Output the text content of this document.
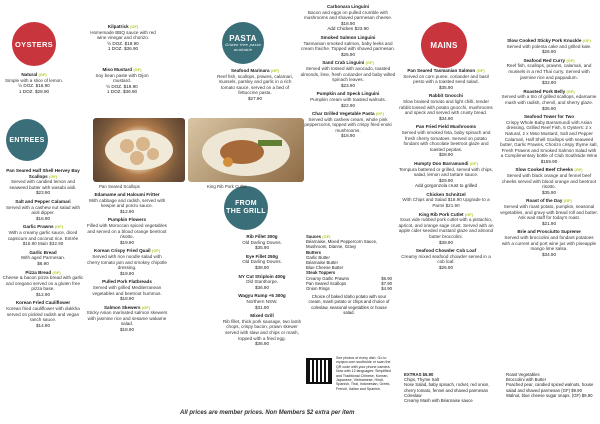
OYSTERS
ENTREES
PASTA
Gluten free pasta available
FROM
THE GRILL
MAINS
Natural (GF)
Simple with a slice of lemon.
½ DOZ. $16.90
1 DOZ. $28.90
Kilpatrick (GF)
Homemade BBQ sauce with red wine vinegar and chorizo.
½ DOZ. $19.90
1 DOZ. $36.90
Miso Mustard (GF)
Soy bean paste with Dijon mustard.
½ DOZ. $19.90
1 DOZ. $36.90
Pan Seared Scallops	King Rib Pork Cutlet
Pan Seared Half Shell Hervey Bay Scallops (GF)
Served with candied lemon and seaweed butter with wasabi aioli.
$23.90
Salt and Pepper Calamari
Served with a cashew nut salad with aioli dipper.
$16.90
Garlic Prawns (GF)
With a creamy garlic sauce, diced capsicum and coconut rice. Entrée $16.90 Main $32.90
Garlic Bread
With aged Parmesan.
$6.90
Pizza Bread (GF)
Cheese & bacon pizza bread with garlic and oregano served on a gluten free pizza base.
$12.90
Korean Fried Cauliflower
Korean fried cauliflower with dukkha served on pickled radish and vegan ranch sauce.
$14.90
Edamame and Haloumi Fritter
With cabbage and radish, served with kewpie and ponzu sauce.
$12.90
Pumpkin Flowers
Filled with Moroccan spiced vegetables and served on a blood orange beetroot risotto.
$19.90
Korean Crispy Fried Quail (GF)
Served with rice noodle salad with cherry tomato jam and smokey chipotle dressing.
$19.90
Pulled Pork Flatbreads
Served with grilled Mediterranean vegetables and beetroot hummus.
$18.90
Salmon Skewers (GF)
Sticky Asian marinated salmon skewers with jasmine rice and sesame wakame salad.
$18.90
Seafood Marinara (GF)
Reef fish, scallops, prawns, calamari, mussels, parsley and garlic in a rich tomato sauce, served on a bed of fettuccine pasta.
$27.90
Carbonara Linguini
Bacon and eggs on pulled crumble with mushrooms and shaved parmesan cheese.
$18.90
Add Chicken $23.90
Smoked Salmon Linguini
Tasmanian smoked salmon, baby leeks and cream fraiche. Topped with shaved parmesan.
$25.90
Sand Crab Linguini (GF)
Served with tossed with avocado, toasted almonds, lime, fresh coriander and baby wilted spinach leaves.
$23.90
Pumpkin and Speck Linguini
Pumpkin cream with toasted walnuts.
$22.90
Char Grilled Vegetable Pasta (GF)
Served with cashew cream, whole pink peppercorns, topped with crispy fried enoki mushrooms.
$18.90
Rib Fillet 300g
Old Darling Downs.
$35.90
Eye Fillet 250g
Old Darling Downs.
$38.90
NY Cut Striploin 400g
Old Stanthorpe.
$36.90
Wagyu Rump +5 300g
Northern NSW.
$31.90
Mixed Grill
Rib fillet, thick pork sausage, two lamb chops, crispy bacon, prawn skewer served with slaw and chips or mash, topped with a fried egg.
$36.90
Sauces (GF)
Béarnaise, Mixed Peppercorn Sauce, Mushroom, Dianne, Gravy
Butters
Garlic Butter
Béarnaise Butter
Blue Cheese Butter
Steak Toppers

Creamy Garlic Prawns	$6.90
Pan Seared Scallops	$7.90
Onion Rings	$4.90
Choice of baked Idaho potato with sour cream, mash potato or chips and choice of coleslaw, seasonal vegetables or house salad.
See photos of every dish. Go to myqsm.com southside or scan the QR code with your phone camera. Now with 12 languages: Simplified and Traditional Chinese, Korean, Japanese, Vietnamese, Hindi, Spanish, Thai, Indonesian, Greek, French, Italian and Spanish.
Pan Seared Tasmanian Salmon (GF)
Served on corn puree, coriander and basil pesto with a toasted seed salad.
$35.90
Rabbit Gnocchi
Slow braised tomato and light chilli, tender rabbit tossed with potato gnocchi, mushrooms and speck and served with crusty bread.
$34.90
Pan Fried Field Mushrooms
Served with smoked feta, baby spinach and fresh cherry tomatoes. Served on potato fondant with chocolate beetroot glaze and toasted pepitas.
$28.90
Humpty Doo Barramundi (GF)
Tempura battered or grilled, served with chips, salad, lemon and tartare sauce.
$29.90
Add gorgonzola crust to grilled
Chicken Schnitzel
With Chips and Salad $18.90 Upgrade to a Parmi $21.90
King Rib Pork Cutlet (GF)
Sous vide rubbed pork cutlet with a pistachio, apricot, and orange sage crust. Served with an apple cider seeded mustard glaze and almond butter broccolini.
$39.90
Seafood Chowder Cob Loaf
Creamy mixed seafood chowder served in a cob loaf.
$26.90
EXTRAS $5.90
Chips, Thyme Salt
Nose Salad, baby spinach, rocket, red onion, cherry tomato, fennel and shaved parmesan
Coleslaw
Creamy Mash with Béarnaise sauce
Slow Cooked Sticky Pork Knuckle (GF)
Served with polenta cake and grilled kale.
$26.90
Seafood Red Curry (GF)
Reef fish, scallops, prawns, calamari, and mussels in a red Thai curry. Served with jasmine rice and pappadum.
$32.90
Roasted Pork Belly (GF)
Served with a trio of grilled scallops, edamame mash with radish, chervil, and sherry glaze.
$36.90
Seafood Tower for Two
Crispy Whole Baby Barramundi with Asian dressing, Grilled Reef Fish, 6 Oysters: 2 x Natural, 2 x Miso Mustard, Salt and Pepper Calamari, Half Shell Scallops with seaweed butter, Garlic Prawns, Chorizo crispy thyme salt, Fresh Prawns and Smoked Salmon Salad with a Complimentary bottle of Club Southside Wine
$159.90
Slow Cooked Beef Cheeks (GF)
Served with black orange and fennel beef cheeks served with blood orange and beetroot risotto.
$35.90
Roast of the Day (GF)
Served with roast potato, pumpkin, seasonal vegetables, and gravy with bread roll and butter. Ask wait staff for today's roast.
$21.90
Brie and Prosciutto Supreme
Served with broccolini and fondant potatoes with a current and port wine jus with pineapple mango lime salsa.
$34.90
Roast Vegetables
Broccolini with Butter
Poached pear, candied spiced walnuts, house salad and shaved parmesan (GF) $9.90
Walnut, blue cheese sugar snaps. (GF) $9.90
All prices are member prices. Non Members $2 extra per item
